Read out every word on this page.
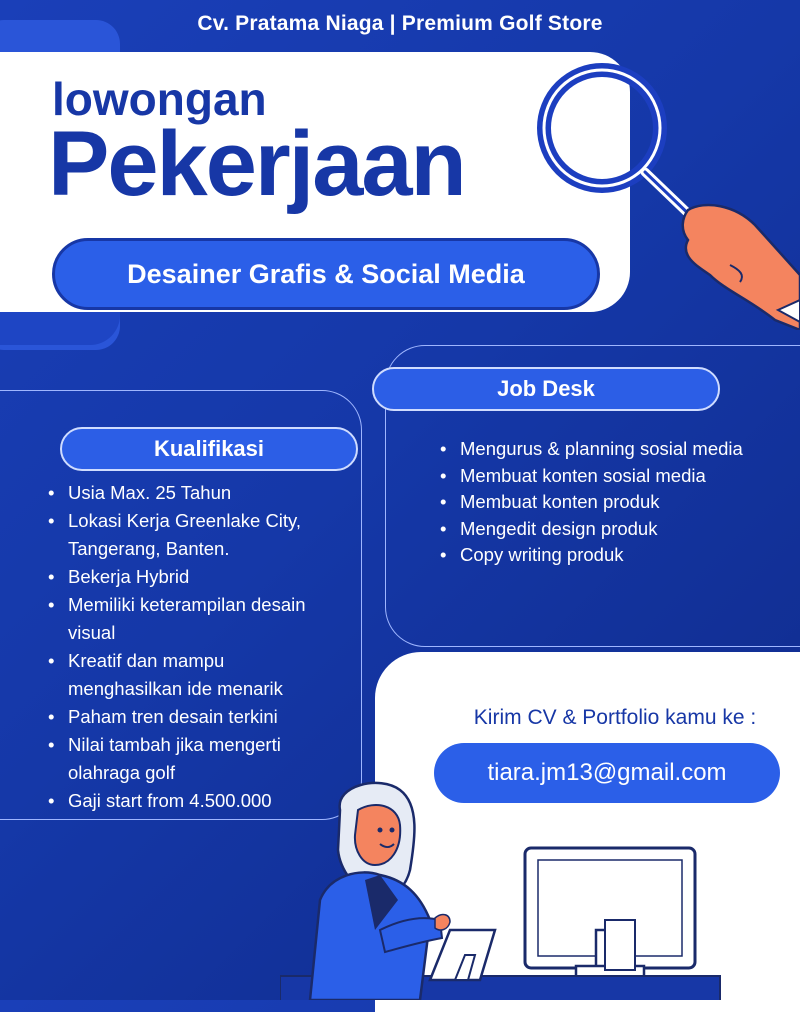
Cv. Pratama Niaga | Premium Golf Store
lowongan
Pekerjaan
Desainer Grafis & Social Media
Job Desk
• Mengurus & planning sosial media
• Membuat konten sosial media
• Membuat konten produk
• Mengedit design produk
• Copy writing produk
Kualifikasi
• Usia Max. 25 Tahun
• Lokasi Kerja Greenlake City, Tangerang, Banten.
• Bekerja Hybrid
• Memiliki keterampilan desain visual
• Kreatif dan mampu menghasilkan ide menarik
• Paham tren desain terkini
• Nilai tambah jika mengerti olahraga golf
• Gaji start from 4.500.000
Kirim CV & Portfolio kamu ke :
tiara.jm13@gmail.com
